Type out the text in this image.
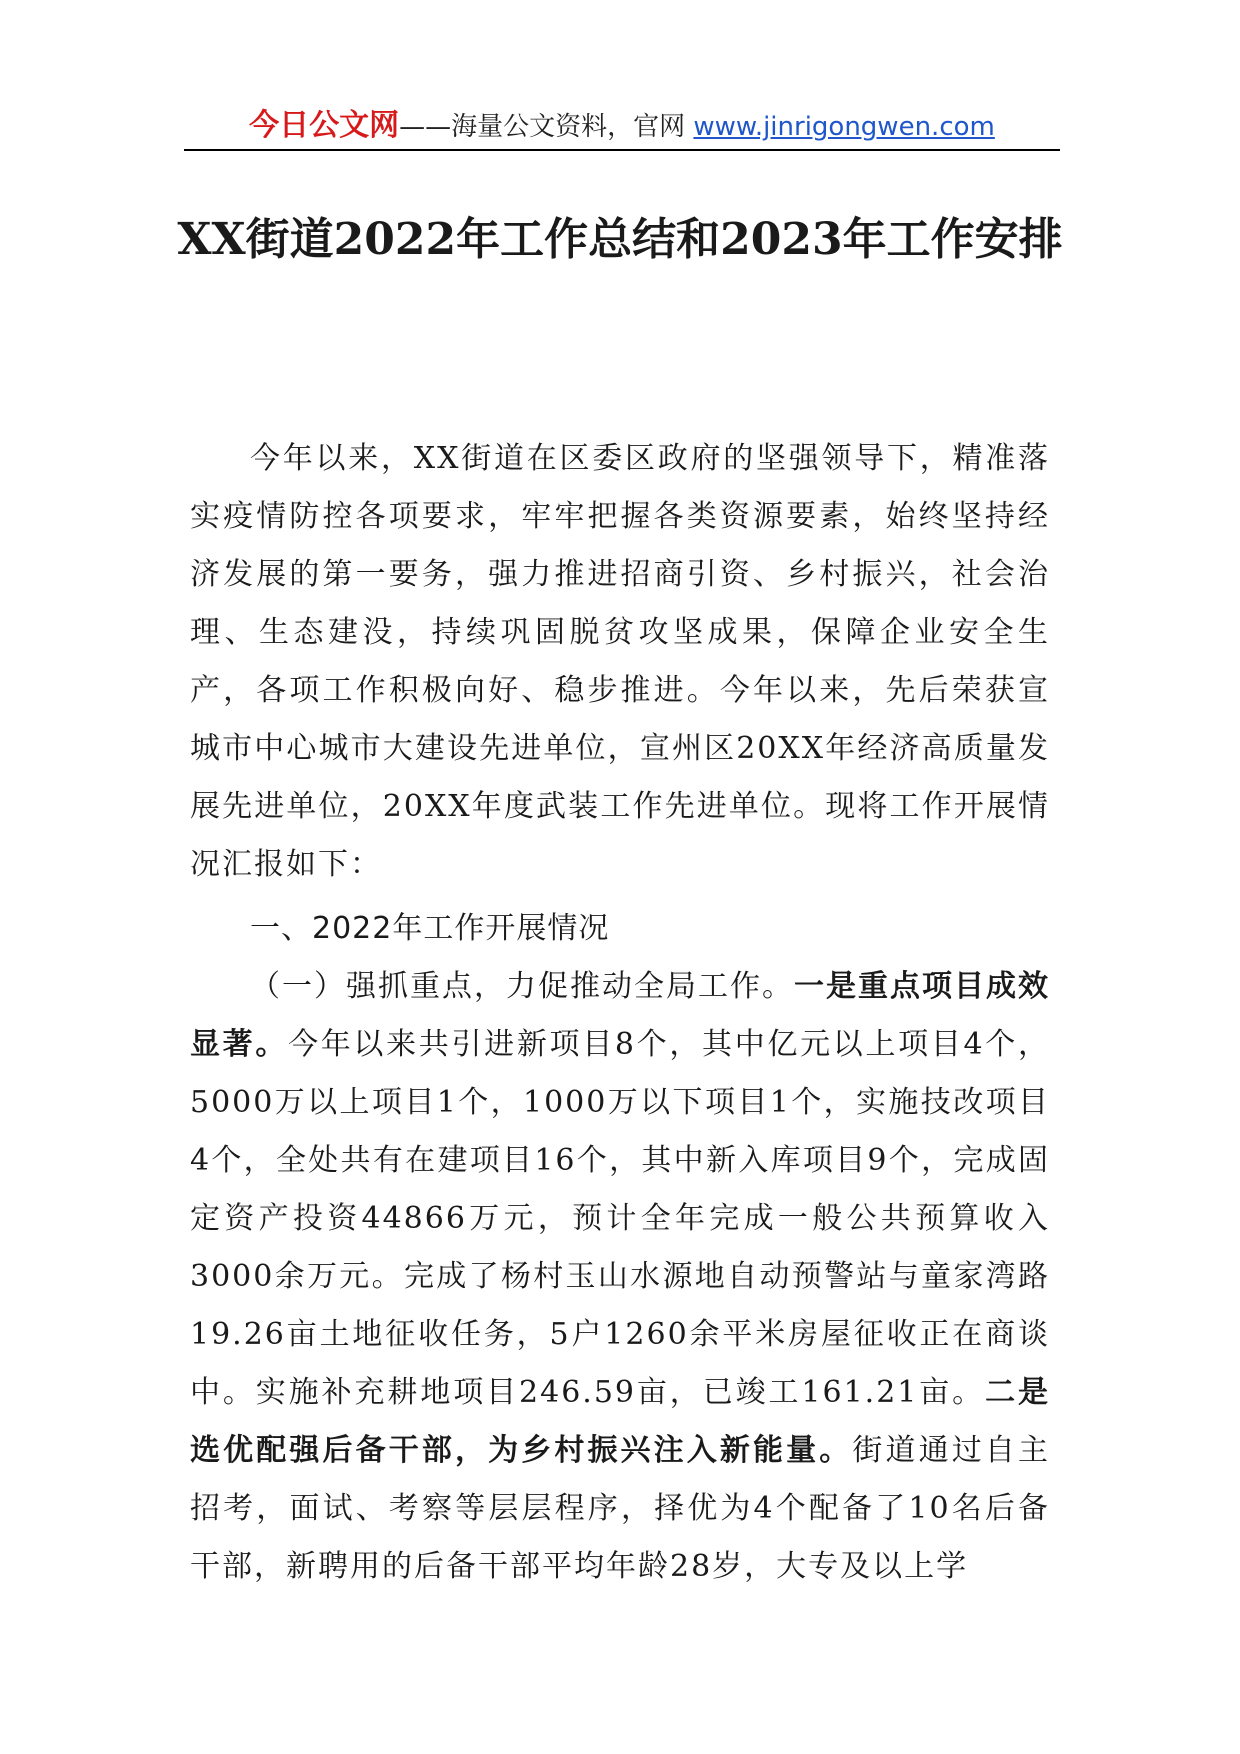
今日公文网——海量公文资料，官网 www.jinrigongwen.com
XX街道2022年工作总结和2023年工作安排

今年以来，XX街道在区委区政府的坚强领导下，精准落实疫情防控各项要求，牢牢把握各类资源要素，始终坚持经济发展的第一要务，强力推进招商引资、乡村振兴，社会治理、生态建没，持续巩固脱贫攻坚成果，保障企业安全生产，各项工作积极向好、稳步推进。今年以来，先后荣获宣城市中心城市大建设先进单位，宣州区20XX年经济高质量发展先进单位，20XX年度武装工作先进单位。现将工作开展情况汇报如下：

一、2022年工作开展情况

（一）强抓重点，力促推动全局工作。一是重点项目成效显著。今年以来共引进新项目8个，其中亿元以上项目4个，5000万以上项目1个，1000万以下项目1个，实施技改项目4个，全处共有在建项目16个，其中新入库项目9个，完成固定资产投资44866万元，预计全年完成一般公共预算收入3000余万元。完成了杨村玉山水源地自动预警站与童家湾路19.26亩土地征收任务，5户1260余平米房屋征收正在商谈中。实施补充耕地项目246.59亩，已竣工161.21亩。二是选优配强后备干部，为乡村振兴注入新能量。街道通过自主招考，面试、考察等层层程序，择优为4个配备了10名后备干部，新聘用的后备干部平均年龄28岁，大专及以上学
